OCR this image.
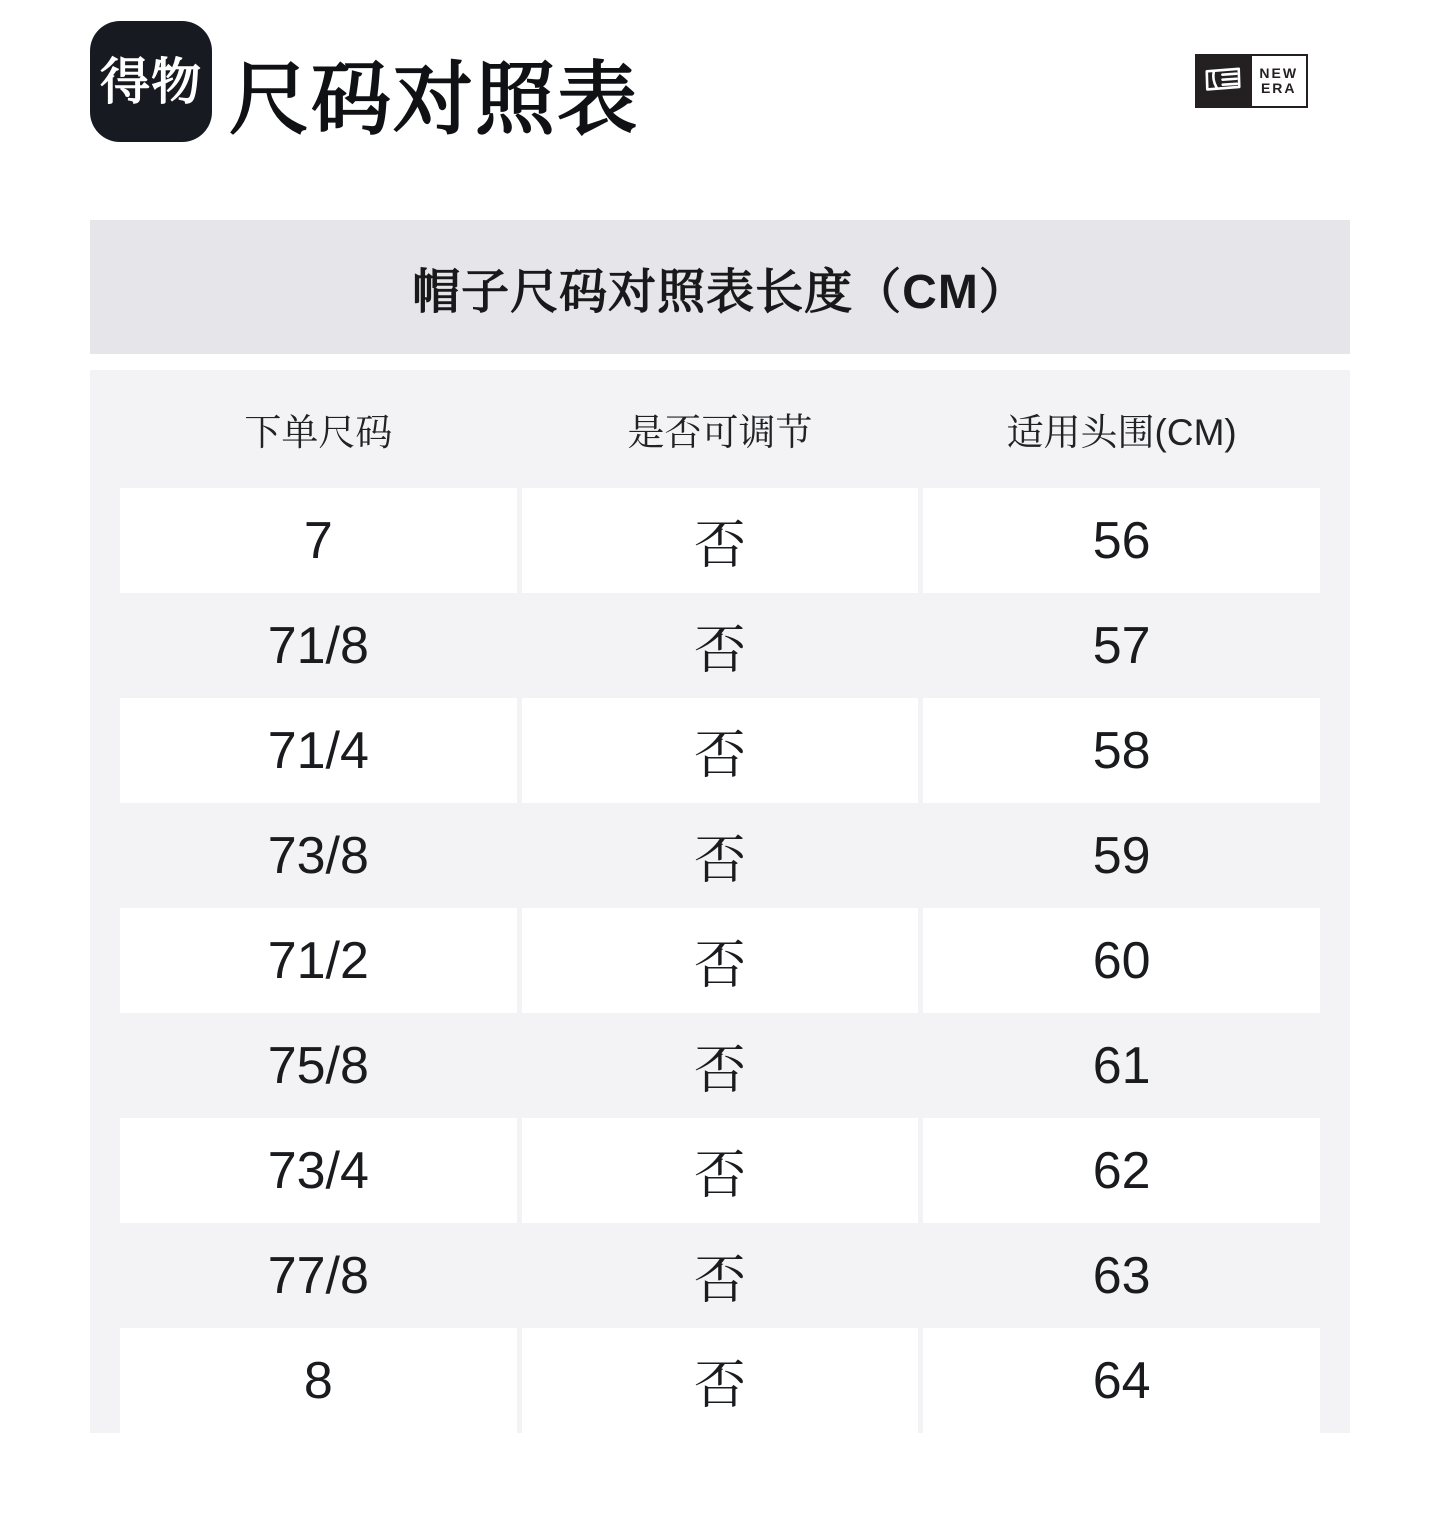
得物 尺码对照表	NEW
ERA
帽子尺码对照表长度（CM）
下单尺码	是否可调节	适用头围(CM)
7	否	56
71/8	否	57
71/4	否	58
73/8	否	59
71/2	否	60
75/8	否	61
73/4	否	62
77/8	否	63
8	否	64
